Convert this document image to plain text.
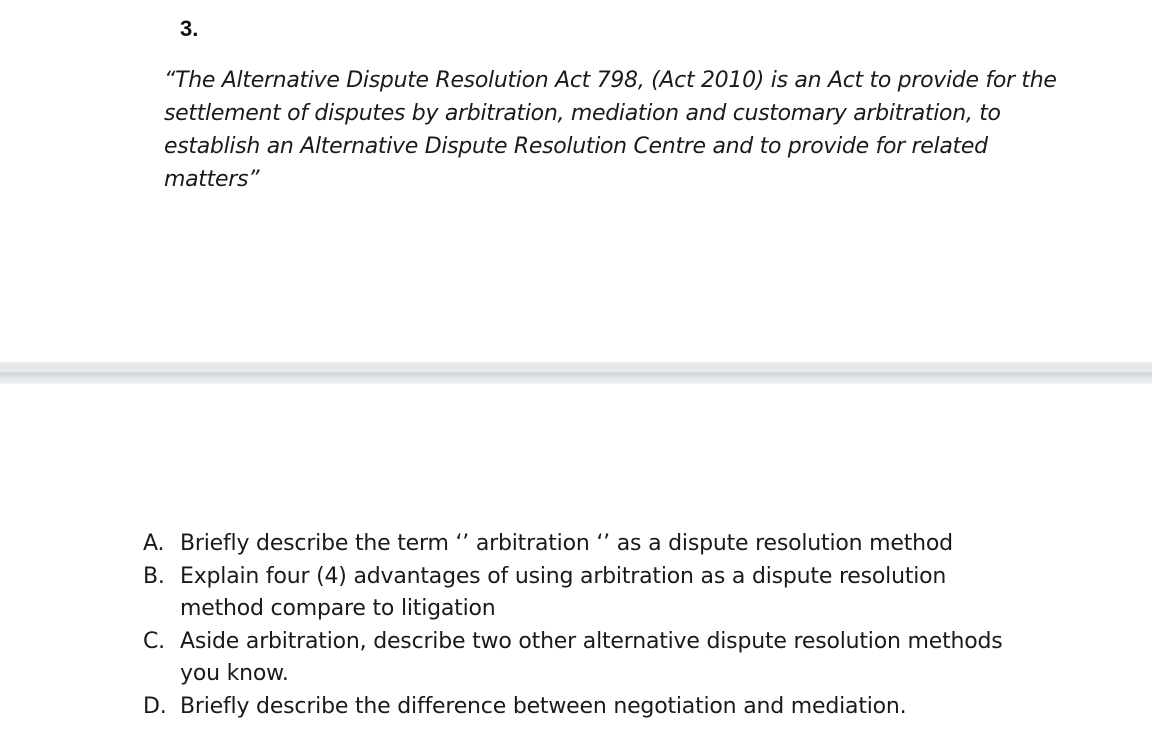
3.

“The Alternative Dispute Resolution Act 798, (Act 2010) is an Act to provide for the settlement of disputes by arbitration, mediation and customary arbitration, to establish an Alternative Dispute Resolution Centre and to provide for related matters”

A. Briefly describe the term ‘’ arbitration ‘’ as a dispute resolution method
B. Explain four (4) advantages of using arbitration as a dispute resolution method compare to litigation
C. Aside arbitration, describe two other alternative dispute resolution methods you know.
D. Briefly describe the difference between negotiation and mediation.
